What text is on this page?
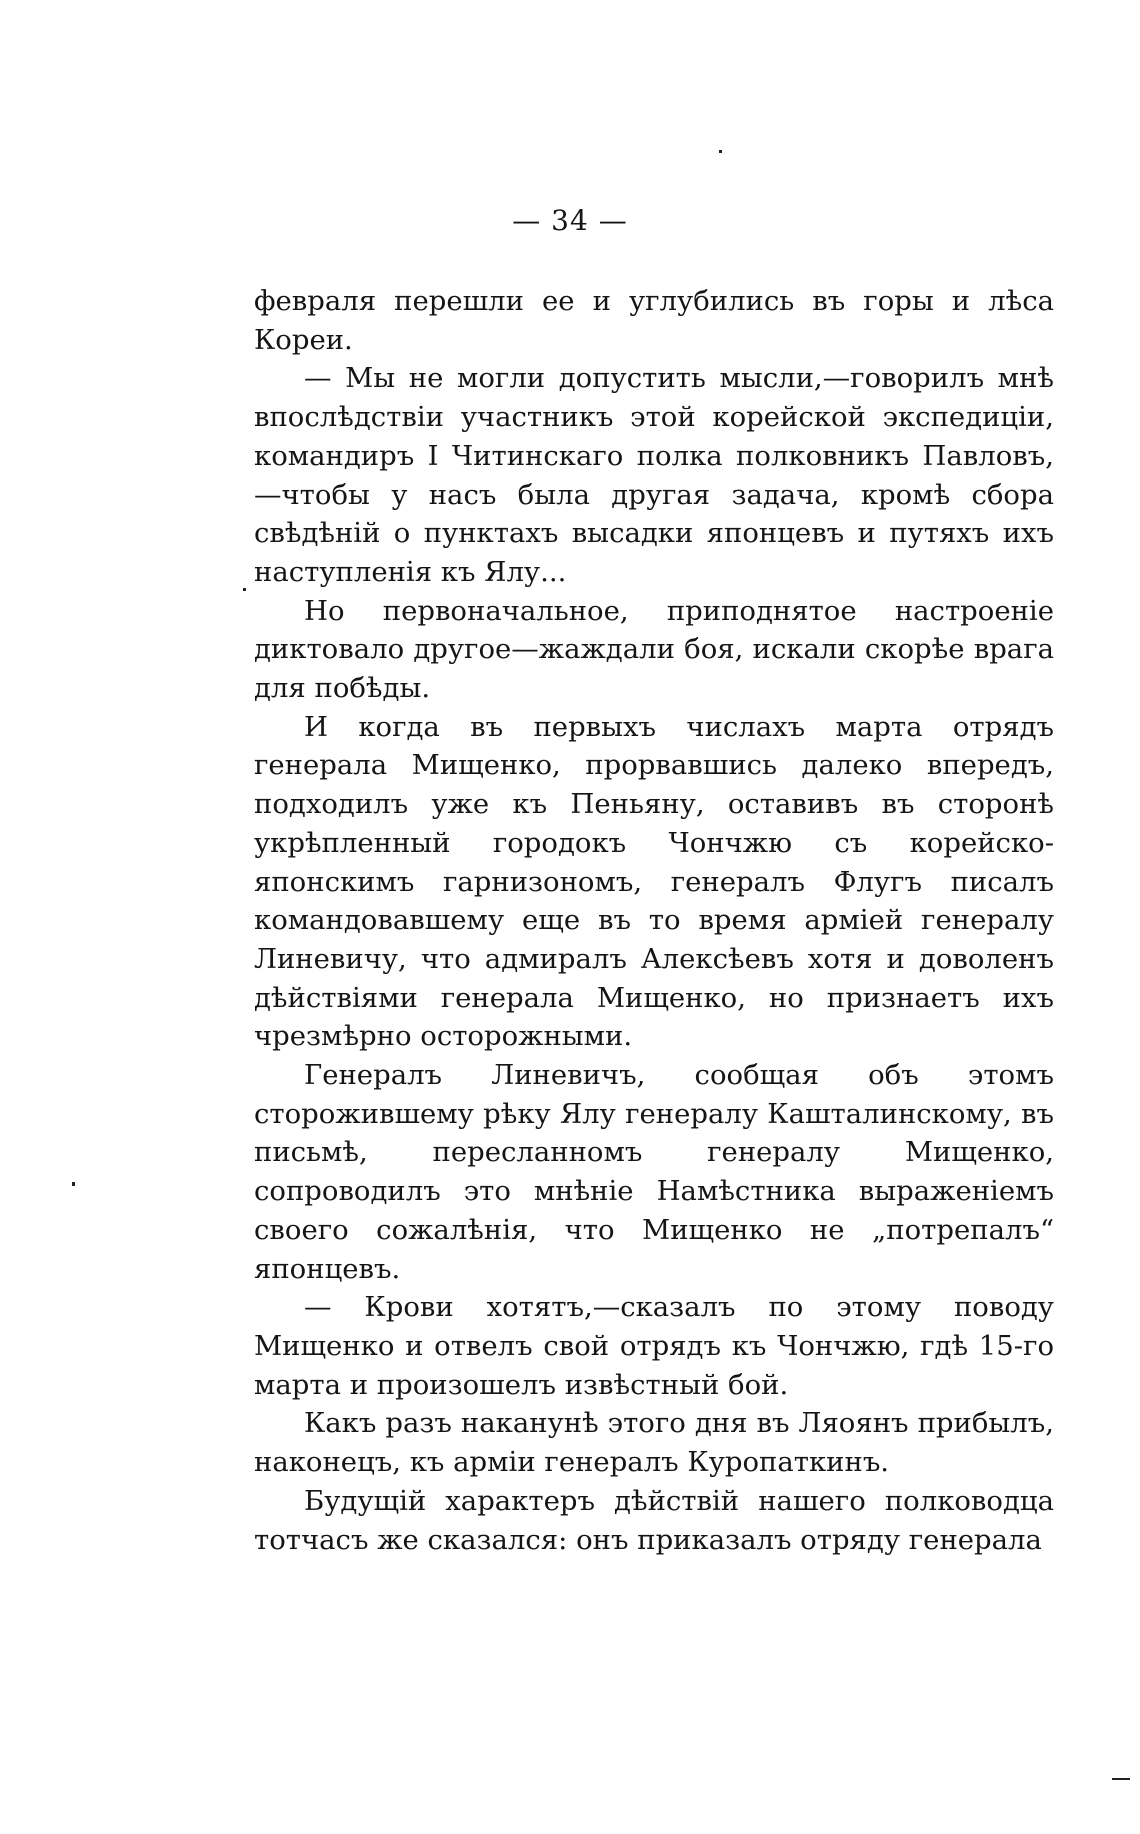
— 34 —

февраля перешли ее и углубились въ горы и лѣса Кореи.

— Мы не могли допустить мысли,—говорилъ мнѣ впослѣдствiи участникъ этой корейской экспедицiи, командиръ I Читинскаго полка полковникъ Павловъ,—чтобы у насъ была другая задача, кромѣ сбора свѣдѣнiй о пунктахъ высадки японцевъ и путяхъ ихъ наступленiя къ Ялу...

Но первоначальное, приподнятое настроенiе диктовало другое—жаждали боя, искали скорѣе врага для побѣды.

И когда въ первыхъ числахъ марта отрядъ генерала Мищенко, прорвавшись далеко впередъ, подходилъ уже къ Пеньяну, оставивъ въ сторонѣ укрѣпленный городокъ Чончжю съ корейско-японскимъ гарнизономъ, генералъ Флугъ писалъ командовавшему еще въ то время армiей генералу Линевичу, что адмиралъ Алексѣевъ хотя и доволенъ дѣйствiями генерала Мищенко, но признаетъ ихъ чрезмѣрно осторожными.

Генералъ Линевичъ, сообщая объ этомъ сторожившему рѣку Ялу генералу Кашталинскому, въ письмѣ, пересланномъ генералу Мищенко, сопроводилъ это мнѣнiе Намѣстника выраженiемъ своего сожалѣнiя, что Мищенко не „потрепалъ“ японцевъ.

— Крови хотятъ,—сказалъ по этому поводу Мищенко и отвелъ свой отрядъ къ Чончжю, гдѣ 15-го марта и произошелъ извѣстный бой.

Какъ разъ наканунѣ этого дня въ Ляоянъ прибылъ, наконецъ, къ армiи генералъ Куропаткинъ.

Будущiй характеръ дѣйствiй нашего полководца тотчасъ же сказался: онъ приказалъ отряду генерала
